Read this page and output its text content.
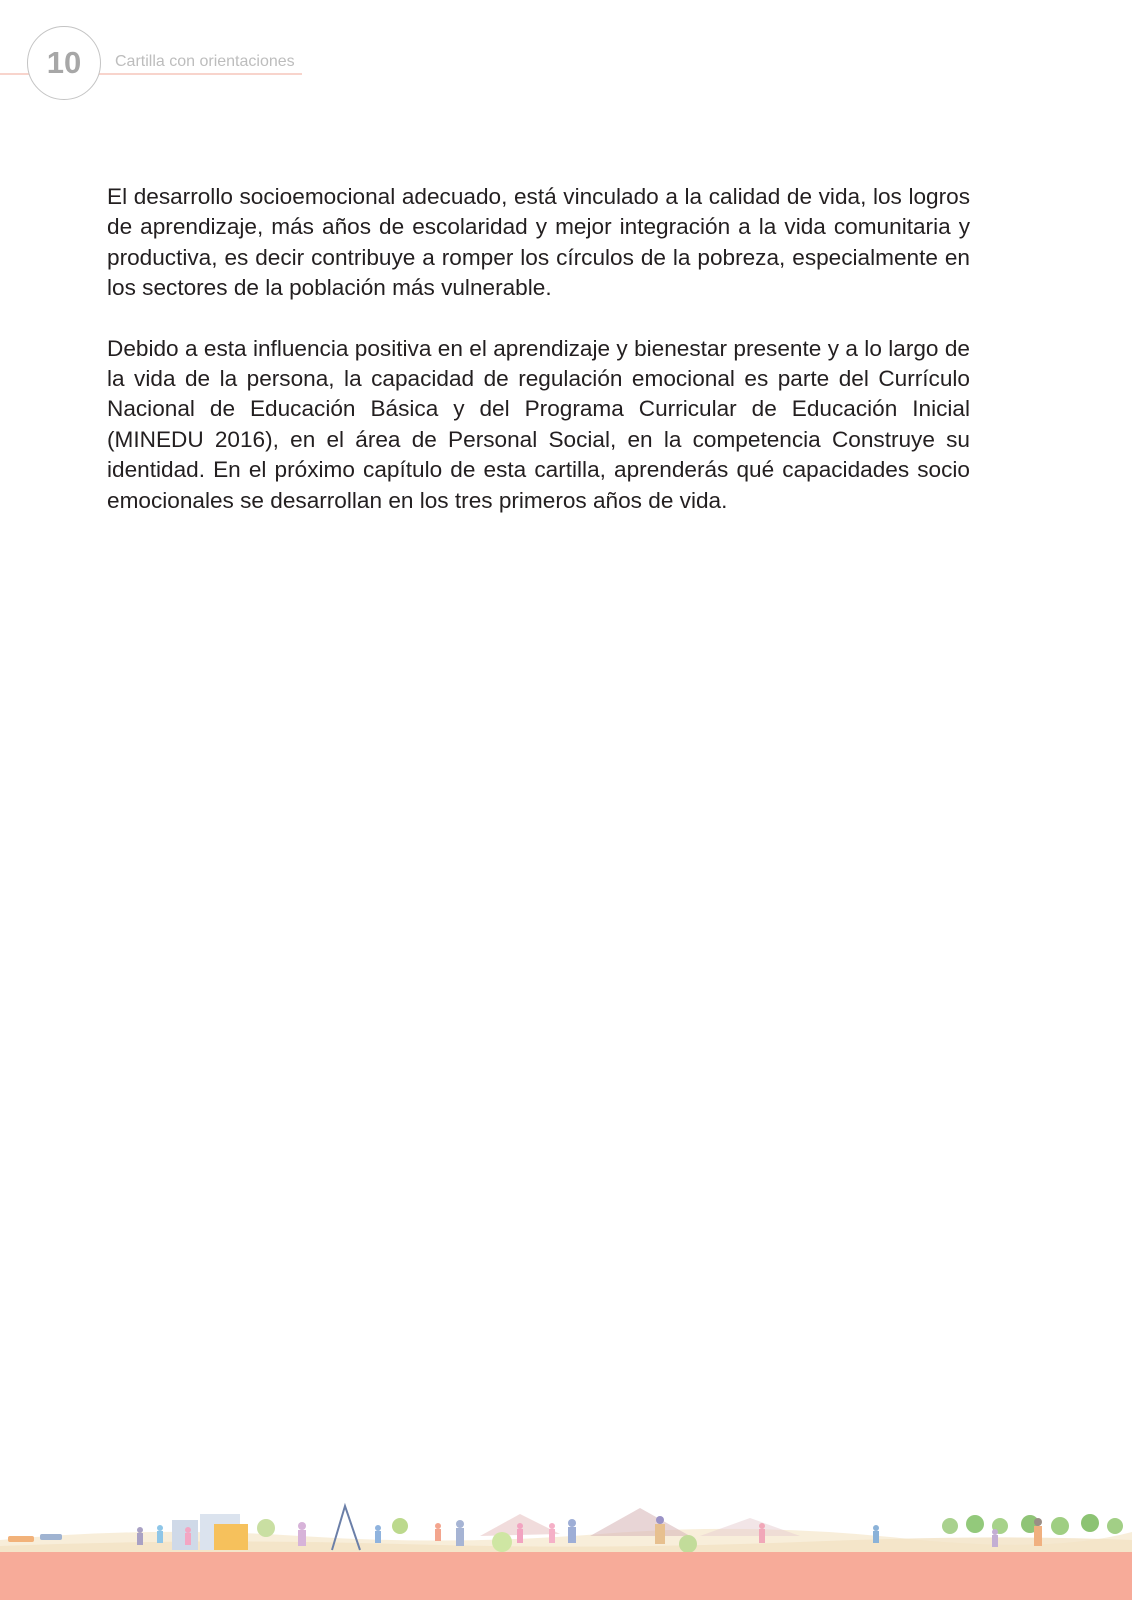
10 Cartilla con orientaciones

El desarrollo socioemocional adecuado, está vinculado a la calidad de vida, los logros de aprendizaje, más años de escolaridad y mejor integración a la vida comunitaria y productiva, es decir contribuye a romper los círculos de la pobreza, especialmente en los sectores de la población más vulnerable.

Debido a esta influencia positiva en el aprendizaje y bienestar presente y a lo largo de la vida de la persona, la capacidad de regulación emocional es parte del Currículo Nacional de Educación Básica y del Programa Curricular de Educación Inicial (MINEDU 2016), en el área de Personal Social, en la competencia Construye su identidad. En el próximo capítulo de esta cartilla, aprenderás qué capacidades socio emocionales se desarrollan en los tres primeros años de vida.
